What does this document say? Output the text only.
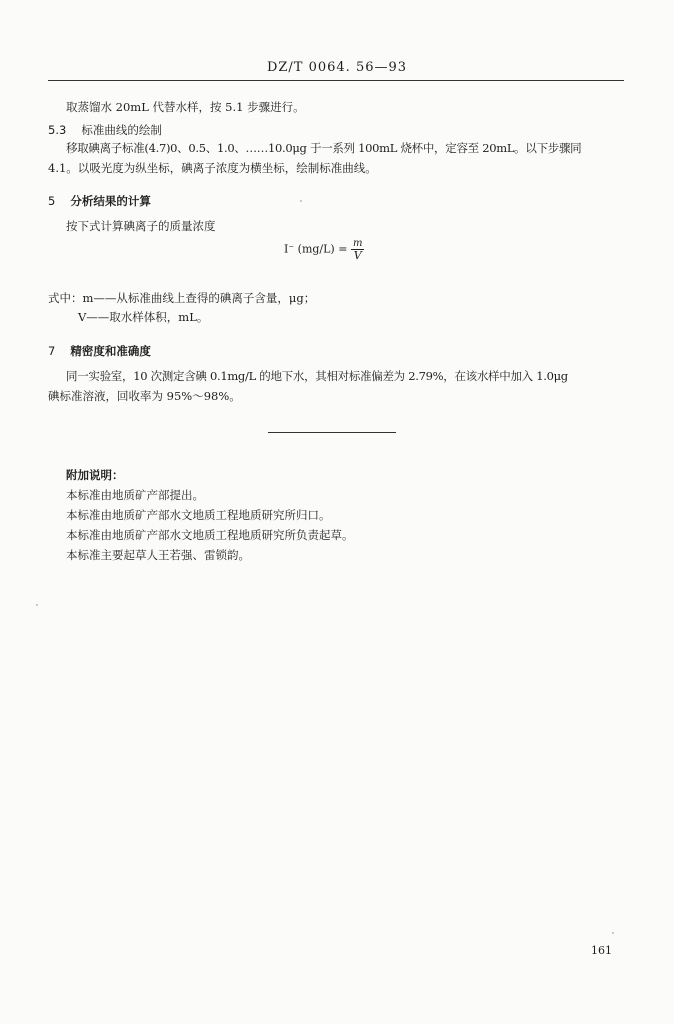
DZ/T 0064. 56—93
取蒸馏水 20mL 代替水样，按 5.1 步骤进行。
5.3 标准曲线的绘制
移取碘离子标准(4.7)0、0.5、1.0、……10.0μg 于一系列 100mL 烧杯中，定容至 20mL。以下步骤同
4.1。以吸光度为纵坐标，碘离子浓度为横坐标，绘制标准曲线。
5 分析结果的计算
按下式计算碘离子的质量浓度
I⁻ $(mg/L) = \frac{m}{V}$
式中：m——从标准曲线上查得的碘离子含量，μg；
V——取水样体积，mL。
7 精密度和准确度
同一实验室，10 次测定含碘 0.1mg/L 的地下水，其相对标准偏差为 2.79%，在该水样中加入 1.0μg
碘标准溶液，回收率为 95%～98%。
附加说明：
本标准由地质矿产部提出。
本标准由地质矿产部水文地质工程地质研究所归口。
本标准由地质矿产部水文地质工程地质研究所负责起草。
本标准主要起草人王若强、雷锁韵。
161
